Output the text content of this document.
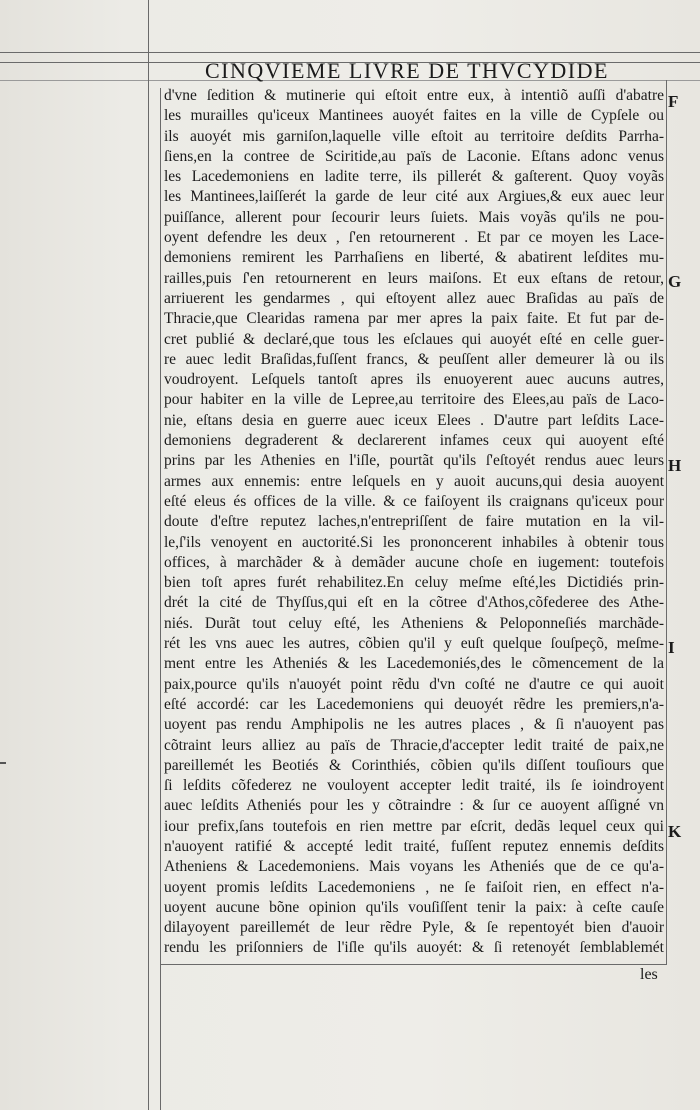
CINQVIEME LIVRE DE THVCYDIDE
d'vne ſedition & mutinerie qui eſtoit entre eux, à intentiõ auſſi d'abatre
les murailles qu'iceux Mantinees auoyét faites en la ville de Cypſele ou
ils auoyét mis garniſon,laquelle ville eſtoit au territoire deſdits Parrha-
ſiens,en la contree de Sciritide,au païs de Laconie. Eſtans adonc venus
les Lacedemoniens en ladite terre, ils pillerét & gaſterent. Quoy voyãs
les Mantinees,laiſſerét la garde de leur cité aux Argiues,& eux auec leur
puiſſance, allerent pour ſecourir leurs ſuiets. Mais voyãs qu'ils ne pou-
oyent defendre les deux , ſ'en retournerent . Et par ce moyen les Lace-
demoniens remirent les Parrhaſiens en liberté, & abatirent leſdites mu-
railles,puis ſ'en retournerent en leurs maiſons. Et eux eſtans de retour,
arriuerent les gendarmes , qui eſtoyent allez auec Braſidas au païs de
Thracie,que Clearidas ramena par mer apres la paix faite. Et fut par de-
cret publié & declaré,que tous les eſclaues qui auoyét eſté en celle guer-
re auec ledit Braſidas,fuſſent francs, & peuſſent aller demeurer là ou ils
voudroyent. Leſquels tantoſt apres ils enuoyerent auec aucuns autres,
pour habiter en la ville de Lepree,au territoire des Elees,au païs de Laco-
nie, eſtans desia en guerre auec iceux Elees . D'autre part leſdits Lace-
demoniens degraderent & declarerent infames ceux qui auoyent eſté
prins par les Athenies en l'iſle, pourtãt qu'ils ſ'eſtoyét rendus auec leurs
armes aux ennemis: entre leſquels en y auoit aucuns,qui desia auoyent
eſté eleus és offices de la ville. & ce faiſoyent ils craignans qu'iceux pour
doute d'eſtre reputez laches,n'entrepriſſent de faire mutation en la vil-
le,ſ'ils venoyent en auctorité.Si les prononcerent inhabiles à obtenir tous
offices, à marchãder & à demãder aucune choſe en iugement: toutefois
bien toſt apres furét rehabilitez.En celuy meſme eſté,les Dictidiés prin-
drét la cité de Thyſſus,qui eſt en la cõtree d'Athos,cõfederee des Athe-
niés. Durãt tout celuy eſté, les Atheniens & Peloponneſiés marchãde-
rét les vns auec les autres, cõbien qu'il y euſt quelque ſouſpeçõ, meſme-
ment entre les Atheniés & les Lacedemoniés,des le cõmencement de la
paix,pource qu'ils n'auoyét point rẽdu d'vn coſté ne d'autre ce qui auoit
eſté accordé: car les Lacedemoniens qui deuoyét rẽdre les premiers,n'a-
uoyent pas rendu Amphipolis ne les autres places , & ſi n'auoyent pas
cõtraint leurs alliez au païs de Thracie,d'accepter ledit traité de paix,ne
pareillemét les Beotiés & Corinthiés, cõbien qu'ils diſſent touſiours que
ſi leſdits cõfederez ne vouloyent accepter ledit traité, ils ſe ioindroyent
auec leſdits Atheniés pour les y cõtraindre : & ſur ce auoyent aſſigné vn
iour prefix,ſans toutefois en rien mettre par eſcrit, dedãs lequel ceux qui
n'auoyent ratifié & accepté ledit traité, fuſſent reputez ennemis deſdits
Atheniens & Lacedemoniens. Mais voyans les Atheniés que de ce qu'a-
uoyent promis leſdits Lacedemoniens , ne ſe faiſoit rien, en effect n'a-
uoyent aucune bõne opinion qu'ils vouſiſſent tenir la paix: à ceſte cauſe
dilayoyent pareillemét de leur rẽdre Pyle, & ſe repentoyét bien d'auoir
rendu les priſonniers de l'iſle qu'ils auoyét: & ſi retenoyét ſemblablemét
F
G
H
I
K
les
